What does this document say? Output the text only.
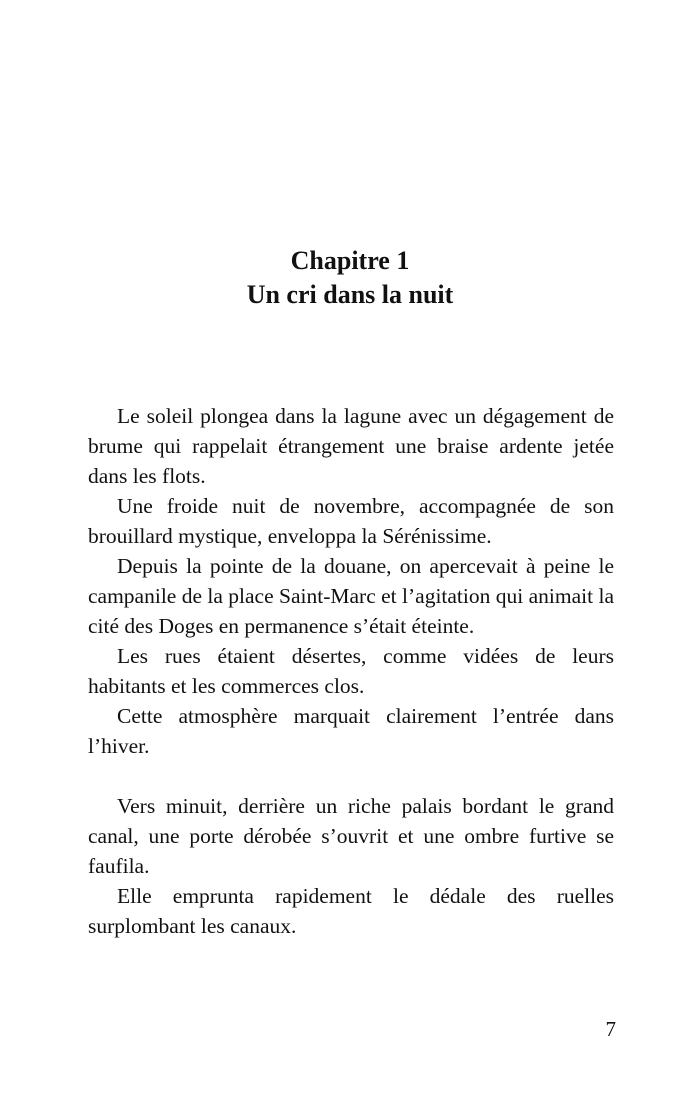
Chapitre 1
Un cri dans la nuit

Le soleil plongea dans la lagune avec un dégagement de brume qui rappelait étrangement une braise ardente jetée dans les flots.

Une froide nuit de novembre, accompagnée de son brouillard mystique, enveloppa la Sérénissime.

Depuis la pointe de la douane, on apercevait à peine le campanile de la place Saint-Marc et l’agitation qui animait la cité des Doges en permanence s’était éteinte.

Les rues étaient désertes, comme vidées de leurs habitants et les commerces clos.

Cette atmosphère marquait clairement l’entrée dans l’hiver.

Vers minuit, derrière un riche palais bordant le grand canal, une porte dérobée s’ouvrit et une ombre furtive se faufila.

Elle emprunta rapidement le dédale des ruelles surplombant les canaux.

7
